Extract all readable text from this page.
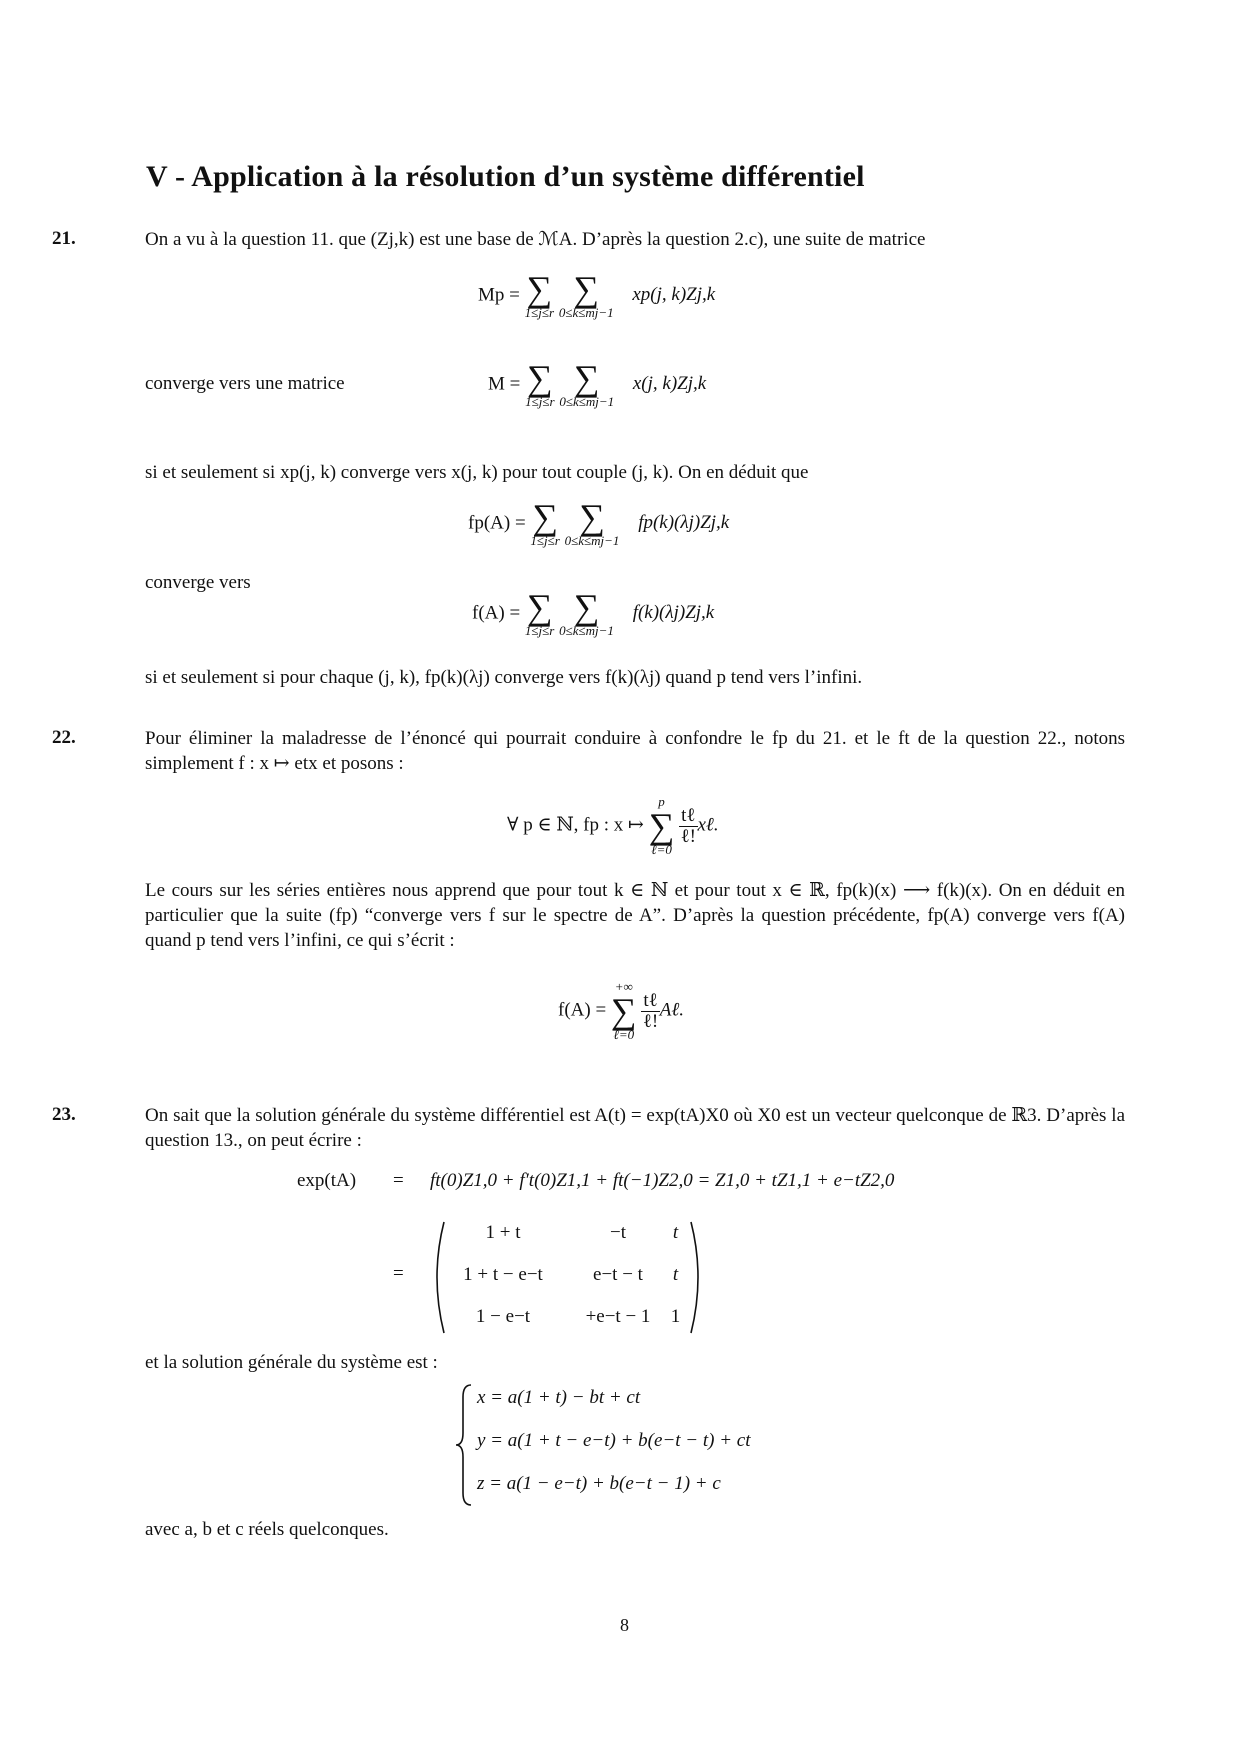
V - Application à la résolution d’un système différentiel
21.	On a vu à la question 11. que (Zj,k) est une base de ℳA. D’après la question 2.c), une suite de matrice
Mp = ∑
1≤j≤r

∑
0≤k≤mj−1
xp(j, k)Zj,k
converge vers une matrice	M = ∑
1≤j≤r

∑
0≤k≤mj−1
x(j, k)Zj,k
si et seulement si xp(j, k) converge vers x(j, k) pour tout couple (j, k). On en déduit que
fp(A) = ∑
1≤j≤r

∑
0≤k≤mj−1
fp(k)(λj)Zj,k
converge vers
f(A) = ∑
1≤j≤r

∑
0≤k≤mj−1
f(k)(λj)Zj,k
si et seulement si pour chaque (j, k), fp(k)(λj) converge vers f(k)(λj) quand p tend vers l’infini.
22.	Pour éliminer la maladresse de l’énoncé qui pourrait conduire à confondre le fp du 21. et le ft de la question 22., notons simplement f : x ↦ etx et posons :
∀ p ∈ ℕ, fp : x ↦
p
∑
ℓ=0

$\frac{\text{tℓ}}{\text{ℓ!}}$ xℓ.
Le cours sur les séries entières nous apprend que pour tout k ∈ ℕ et pour tout x ∈ ℝ, fp(k)(x) ⟶ f(k)(x). On en déduit en particulier que la suite (fp) “converge vers f sur le spectre de A”. D’après la question précédente, fp(A) converge vers f(A) quand p tend vers l’infini, ce qui s’écrit :
f(A) =
+∞
∑
ℓ=0

$\frac{\text{tℓ}}{\text{ℓ!}}$ Aℓ.
23.	On sait que la solution générale du système différentiel est A(t) = exp(tA)X0 où X0 est un vecteur quelconque de ℝ3. D’après la question 13., on peut écrire :
exp(tA) = ft(0)Z1,0 + f′t(0)Z1,1 + ft(−1)Z2,0 = Z1,0 + tZ1,1 + e−tZ2,0
=
1 + t	−t	t
1 + t − e−t	e−t − t	t
1 − e−t	+e−t − 1	1
et la solution générale du système est :
x = a(1 + t) − bt + ct
y = a(1 + t − e−t) + b(e−t − t) + ct
z = a(1 − e−t) + b(e−t − 1) + c
avec a, b et c réels quelconques.
8
